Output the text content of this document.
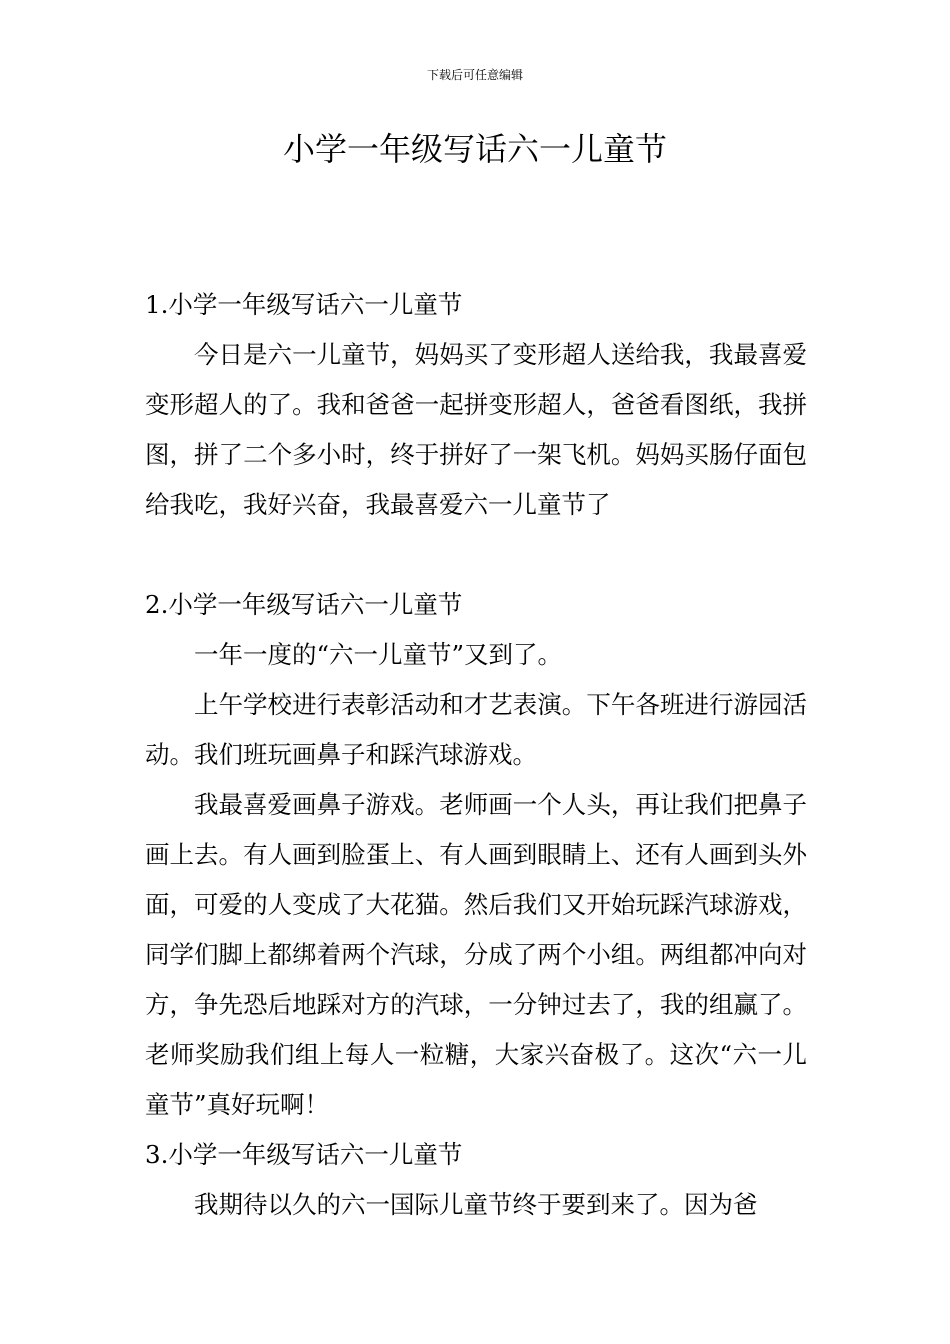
下载后可任意编辑
小学一年级写话六一儿童节
1.小学一年级写话六一儿童节

今日是六一儿童节，妈妈买了变形超人送给我，我最喜爱变形超人的了。我和爸爸一起拼变形超人，爸爸看图纸，我拼图，拼了二个多小时，终于拼好了一架飞机。妈妈买肠仔面包给我吃，我好兴奋，我最喜爱六一儿童节了

2.小学一年级写话六一儿童节

一年一度的“六一儿童节”又到了。

上午学校进行表彰活动和才艺表演。下午各班进行游园活动。我们班玩画鼻子和踩汽球游戏。

我最喜爱画鼻子游戏。老师画一个人头，再让我们把鼻子画上去。有人画到脸蛋上、有人画到眼睛上、还有人画到头外面，可爱的人变成了大花猫。然后我们又开始玩踩汽球游戏，同学们脚上都绑着两个汽球，分成了两个小组。两组都冲向对方，争先恐后地踩对方的汽球，一分钟过去了，我的组赢了。老师奖励我们组上每人一粒糖，大家兴奋极了。这次“六一儿童节”真好玩啊！

3.小学一年级写话六一儿童节

我期待以久的六一国际儿童节终于要到来了。因为爸
